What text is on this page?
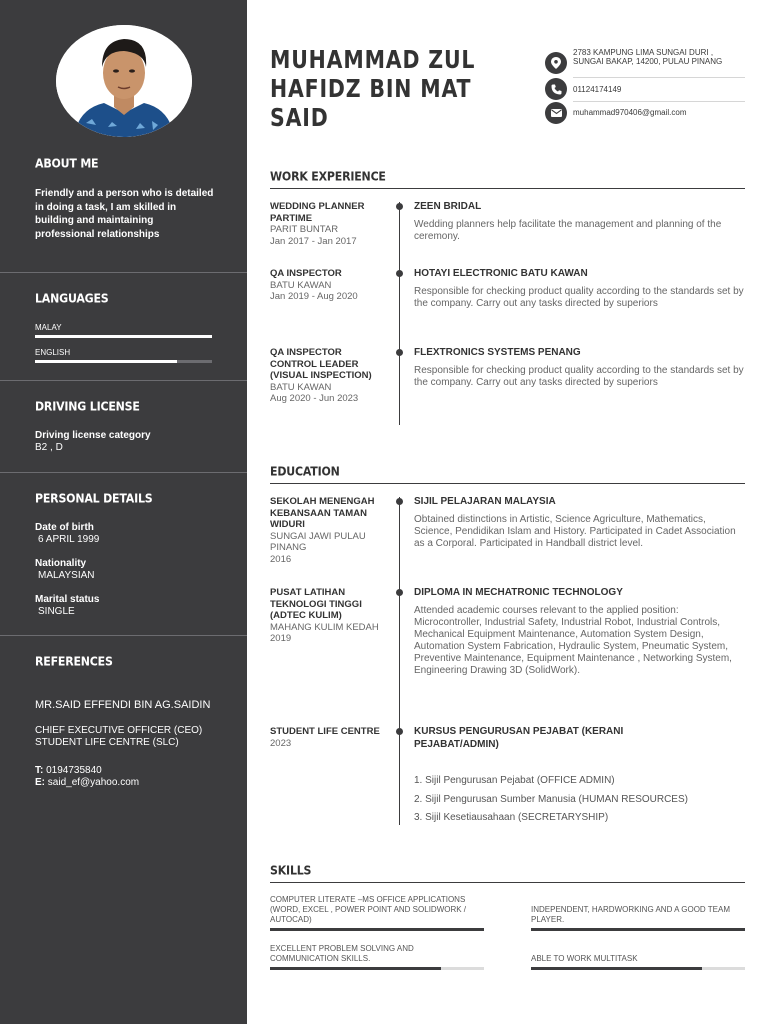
ABOUT ME
Friendly and a person who is detailed in doing a task, I am skilled in building and maintaining professional relationships
LANGUAGES
MALAY
ENGLISH
DRIVING LICENSE
Driving license category
B2 , D
PERSONAL DETAILS
Date of birth
6 APRIL 1999
Nationality
MALAYSIAN
Marital status
SINGLE
REFERENCES
MR.SAID EFFENDI BIN AG.SAIDIN
CHIEF EXECUTIVE OFFICER (CEO) STUDENT LIFE CENTRE (SLC)
T: 0194735840
E: said_ef@yahoo.com
MUHAMMAD ZUL HAFIDZ BIN MAT SAID
2783 KAMPUNG LIMA SUNGAI DURI , SUNGAI BAKAP, 14200, PULAU PINANG
01124174149
muhammad970406@gmail.com
WORK EXPERIENCE
WEDDING PLANNER PARTIME
PARIT BUNTAR
Jan 2017 - Jan 2017
ZEEN BRIDAL
Wedding planners help facilitate the management and planning of the ceremony.
QA INSPECTOR
BATU KAWAN
Jan 2019 - Aug 2020
HOTAYI ELECTRONIC BATU KAWAN
Responsible for checking product quality according to the standards set by the company. Carry out any tasks directed by superiors
QA INSPECTOR CONTROL LEADER (VISUAL INSPECTION)
BATU KAWAN
Aug 2020 - Jun 2023
FLEXTRONICS SYSTEMS PENANG
Responsible for checking product quality according to the standards set by the company. Carry out any tasks directed by superiors
EDUCATION
SEKOLAH MENENGAH KEBANSAAN TAMAN WIDURI
SUNGAI JAWI PULAU PINANG
2016
SIJIL PELAJARAN MALAYSIA
Obtained distinctions in Artistic, Science Agriculture, Mathematics, Science, Pendidikan Islam and History. Participated in Cadet Association as a Corporal. Participated in Handball district level.
PUSAT LATIHAN TEKNOLOGI TINGGI (ADTEC KULIM)
MAHANG KULIM KEDAH
2019
DIPLOMA IN MECHATRONIC TECHNOLOGY
Attended academic courses relevant to the applied position: Microcontroller, Industrial Safety, Industrial Robot, Industrial Controls, Mechanical Equipment Maintenance, Automation System Design, Automation System Fabrication, Hydraulic System, Pneumatic System, Preventive Maintenance, Equipment Maintenance , Networking System, Engineering Drawing 3D (SolidWork).
STUDENT LIFE CENTRE
2023
KURSUS PENGURUSAN PEJABAT (KERANI PEJABAT/ADMIN)
1. Sijil Pengurusan Pejabat (OFFICE ADMIN)
2. Sijil Pengurusan Sumber Manusia (HUMAN RESOURCES)
3. Sijil Kesetiausahaan (SECRETARYSHIP)
SKILLS
COMPUTER LITERATE –MS OFFICE APPLICATIONS (WORD, EXCEL , POWER POINT AND SOLIDWORK / AUTOCAD)
INDEPENDENT, HARDWORKING AND A GOOD TEAM PLAYER.
EXCELLENT PROBLEM SOLVING AND COMMUNICATION SKILLS.	ABLE TO WORK MULTITASK
